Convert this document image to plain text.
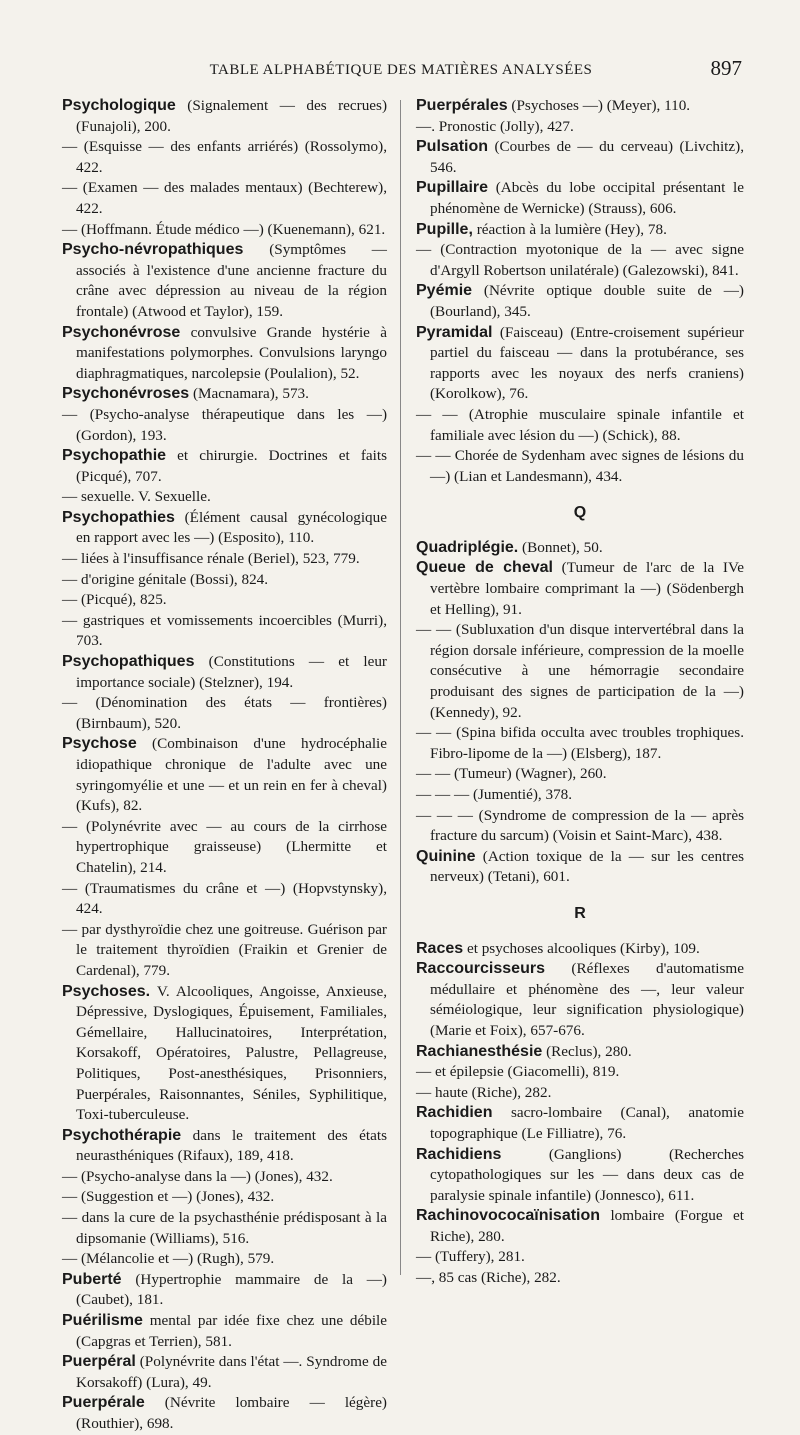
TABLE ALPHABÉTIQUE DES MATIÈRES ANALYSÉES	897

Psychologique (Signalement — des recrues) (Funajoli), 200.

— (Esquisse — des enfants arriérés) (Rossolymo), 422.

— (Examen — des malades mentaux) (Bechterew), 422.

— (Hoffmann. Étude médico —) (Kuenemann), 621.

Psycho-névropathiques (Symptômes — associés à l'existence d'une ancienne fracture du crâne avec dépression au niveau de la région frontale) (Atwood et Taylor), 159.

Psychonévrose convulsive Grande hystérie à manifestations polymorphes. Convulsions laryngo diaphragmatiques, narcolepsie (Poulalion), 52.

Psychonévroses (Macnamara), 573.

— (Psycho-analyse thérapeutique dans les —) (Gordon), 193.

Psychopathie et chirurgie. Doctrines et faits (Picqué), 707.

— sexuelle. V. Sexuelle.

Psychopathies (Élément causal gynécologique en rapport avec les —) (Esposito), 110.

— liées à l'insuffisance rénale (Beriel), 523, 779.

— d'origine génitale (Bossi), 824.

— (Picqué), 825.

— gastriques et vomissements incoercibles (Murri), 703.

Psychopathiques (Constitutions — et leur importance sociale) (Stelzner), 194.

— (Dénomination des états — frontières) (Birnbaum), 520.

Psychose (Combinaison d'une hydrocéphalie idiopathique chronique de l'adulte avec une syringomyélie et une — et un rein en fer à cheval) (Kufs), 82.

— (Polynévrite avec — au cours de la cirrhose hypertrophique graisseuse) (Lhermitte et Chatelin), 214.

— (Traumatismes du crâne et —) (Hopvstynsky), 424.

— par dysthyroïdie chez une goitreuse. Guérison par le traitement thyroïdien (Fraikin et Grenier de Cardenal), 779.

Psychoses. V. Alcooliques, Angoisse, Anxieuse, Dépressive, Dyslogiques, Épuisement, Familiales, Gémellaire, Hallucinatoires, Interprétation, Korsakoff, Opératoires, Palustre, Pellagreuse, Politiques, Post-anesthésiques, Prisonniers, Puerpérales, Raisonnantes, Séniles, Syphilitique, Toxi-tuberculeuse.

Psychothérapie dans le traitement des états neurasthéniques (Rifaux), 189, 418.

— (Psycho-analyse dans la —) (Jones), 432.

— (Suggestion et —) (Jones), 432.

— dans la cure de la psychasthénie prédisposant à la dipsomanie (Williams), 516.

— (Mélancolie et —) (Rugh), 579.

Puberté (Hypertrophie mammaire de la —) (Caubet), 181.

Puérilisme mental par idée fixe chez une débile (Capgras et Terrien), 581.

Puerpéral (Polynévrite dans l'état —. Syndrome de Korsakoff) (Lura), 49.

Puerpérale (Névrite lombaire — légère) (Routhier), 698.

Puerpérales (Psychoses —) (Meyer), 110.

—. Pronostic (Jolly), 427.

Pulsation (Courbes de — du cerveau) (Livchitz), 546.

Pupillaire (Abcès du lobe occipital présentant le phénomène de Wernicke) (Strauss), 606.

Pupille, réaction à la lumière (Hey), 78.

— (Contraction myotonique de la — avec signe d'Argyll Robertson unilatérale) (Galezowski), 841.

Pyémie (Névrite optique double suite de —) (Bourland), 345.

Pyramidal (Faisceau) (Entre-croisement supérieur partiel du faisceau — dans la protubérance, ses rapports avec les noyaux des nerfs craniens) (Korolkow), 76.

— — (Atrophie musculaire spinale infantile et familiale avec lésion du —) (Schick), 88.

— — Chorée de Sydenham avec signes de lésions du —) (Lian et Landesmann), 434.

Q

Quadriplégie. (Bonnet), 50.

Queue de cheval (Tumeur de l'arc de la IVe vertèbre lombaire comprimant la —) (Södenbergh et Helling), 91.

— — (Subluxation d'un disque intervertébral dans la région dorsale inférieure, compression de la moelle consécutive à une hémorragie secondaire produisant des signes de participation de la —) (Kennedy), 92.

— — (Spina bifida occulta avec troubles trophiques. Fibro-lipome de la —) (Elsberg), 187.

— — (Tumeur) (Wagner), 260.

— — — (Jumentié), 378.

— — — (Syndrome de compression de la — après fracture du sarcum) (Voisin et Saint-Marc), 438.

Quinine (Action toxique de la — sur les centres nerveux) (Tetani), 601.

R

Races et psychoses alcooliques (Kirby), 109.

Raccourcisseurs (Réflexes d'automatisme médullaire et phénomène des —, leur valeur séméiologique, leur signification physiologique) (Marie et Foix), 657-676.

Rachianesthésie (Reclus), 280.

— et épilepsie (Giacomelli), 819.

— haute (Riche), 282.

Rachidien sacro-lombaire (Canal), anatomie topographique (Le Filliatre), 76.

Rachidiens (Ganglions) (Recherches cytopathologiques sur les — dans deux cas de paralysie spinale infantile) (Jonnesco), 611.

Rachinovococaïnisation lombaire (Forgue et Riche), 280.

— (Tuffery), 281.

—, 85 cas (Riche), 282.
